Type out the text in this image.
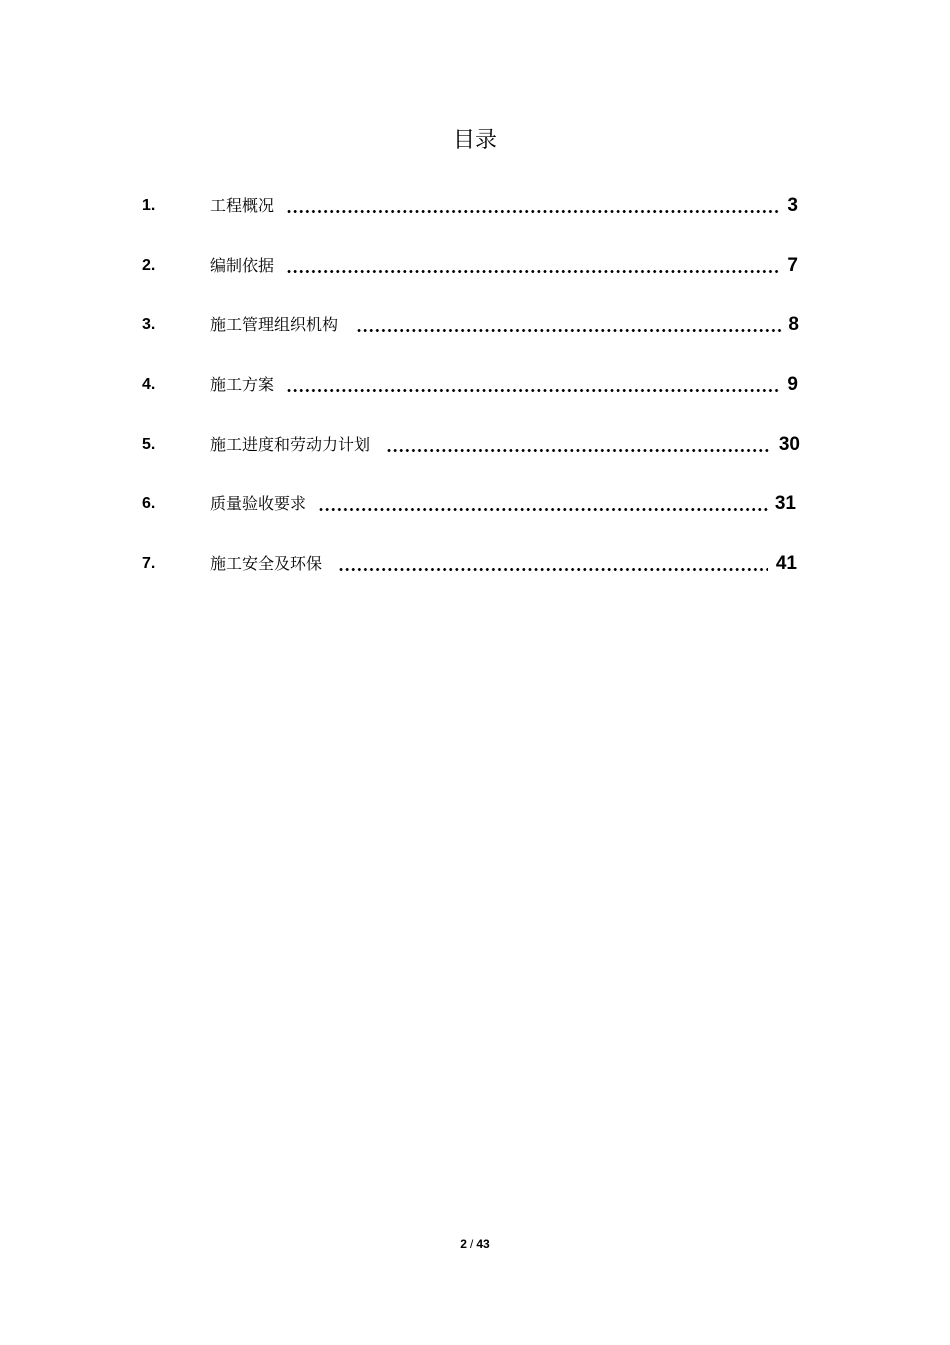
目录
1.	工程概况	3
2.	编制依据	7
3.	施工管理组织机构	8
4.	施工方案	9
5.	施工进度和劳动力计划	30
6.	质量验收要求	31
7.	施工安全及环保	41
2 / 43
